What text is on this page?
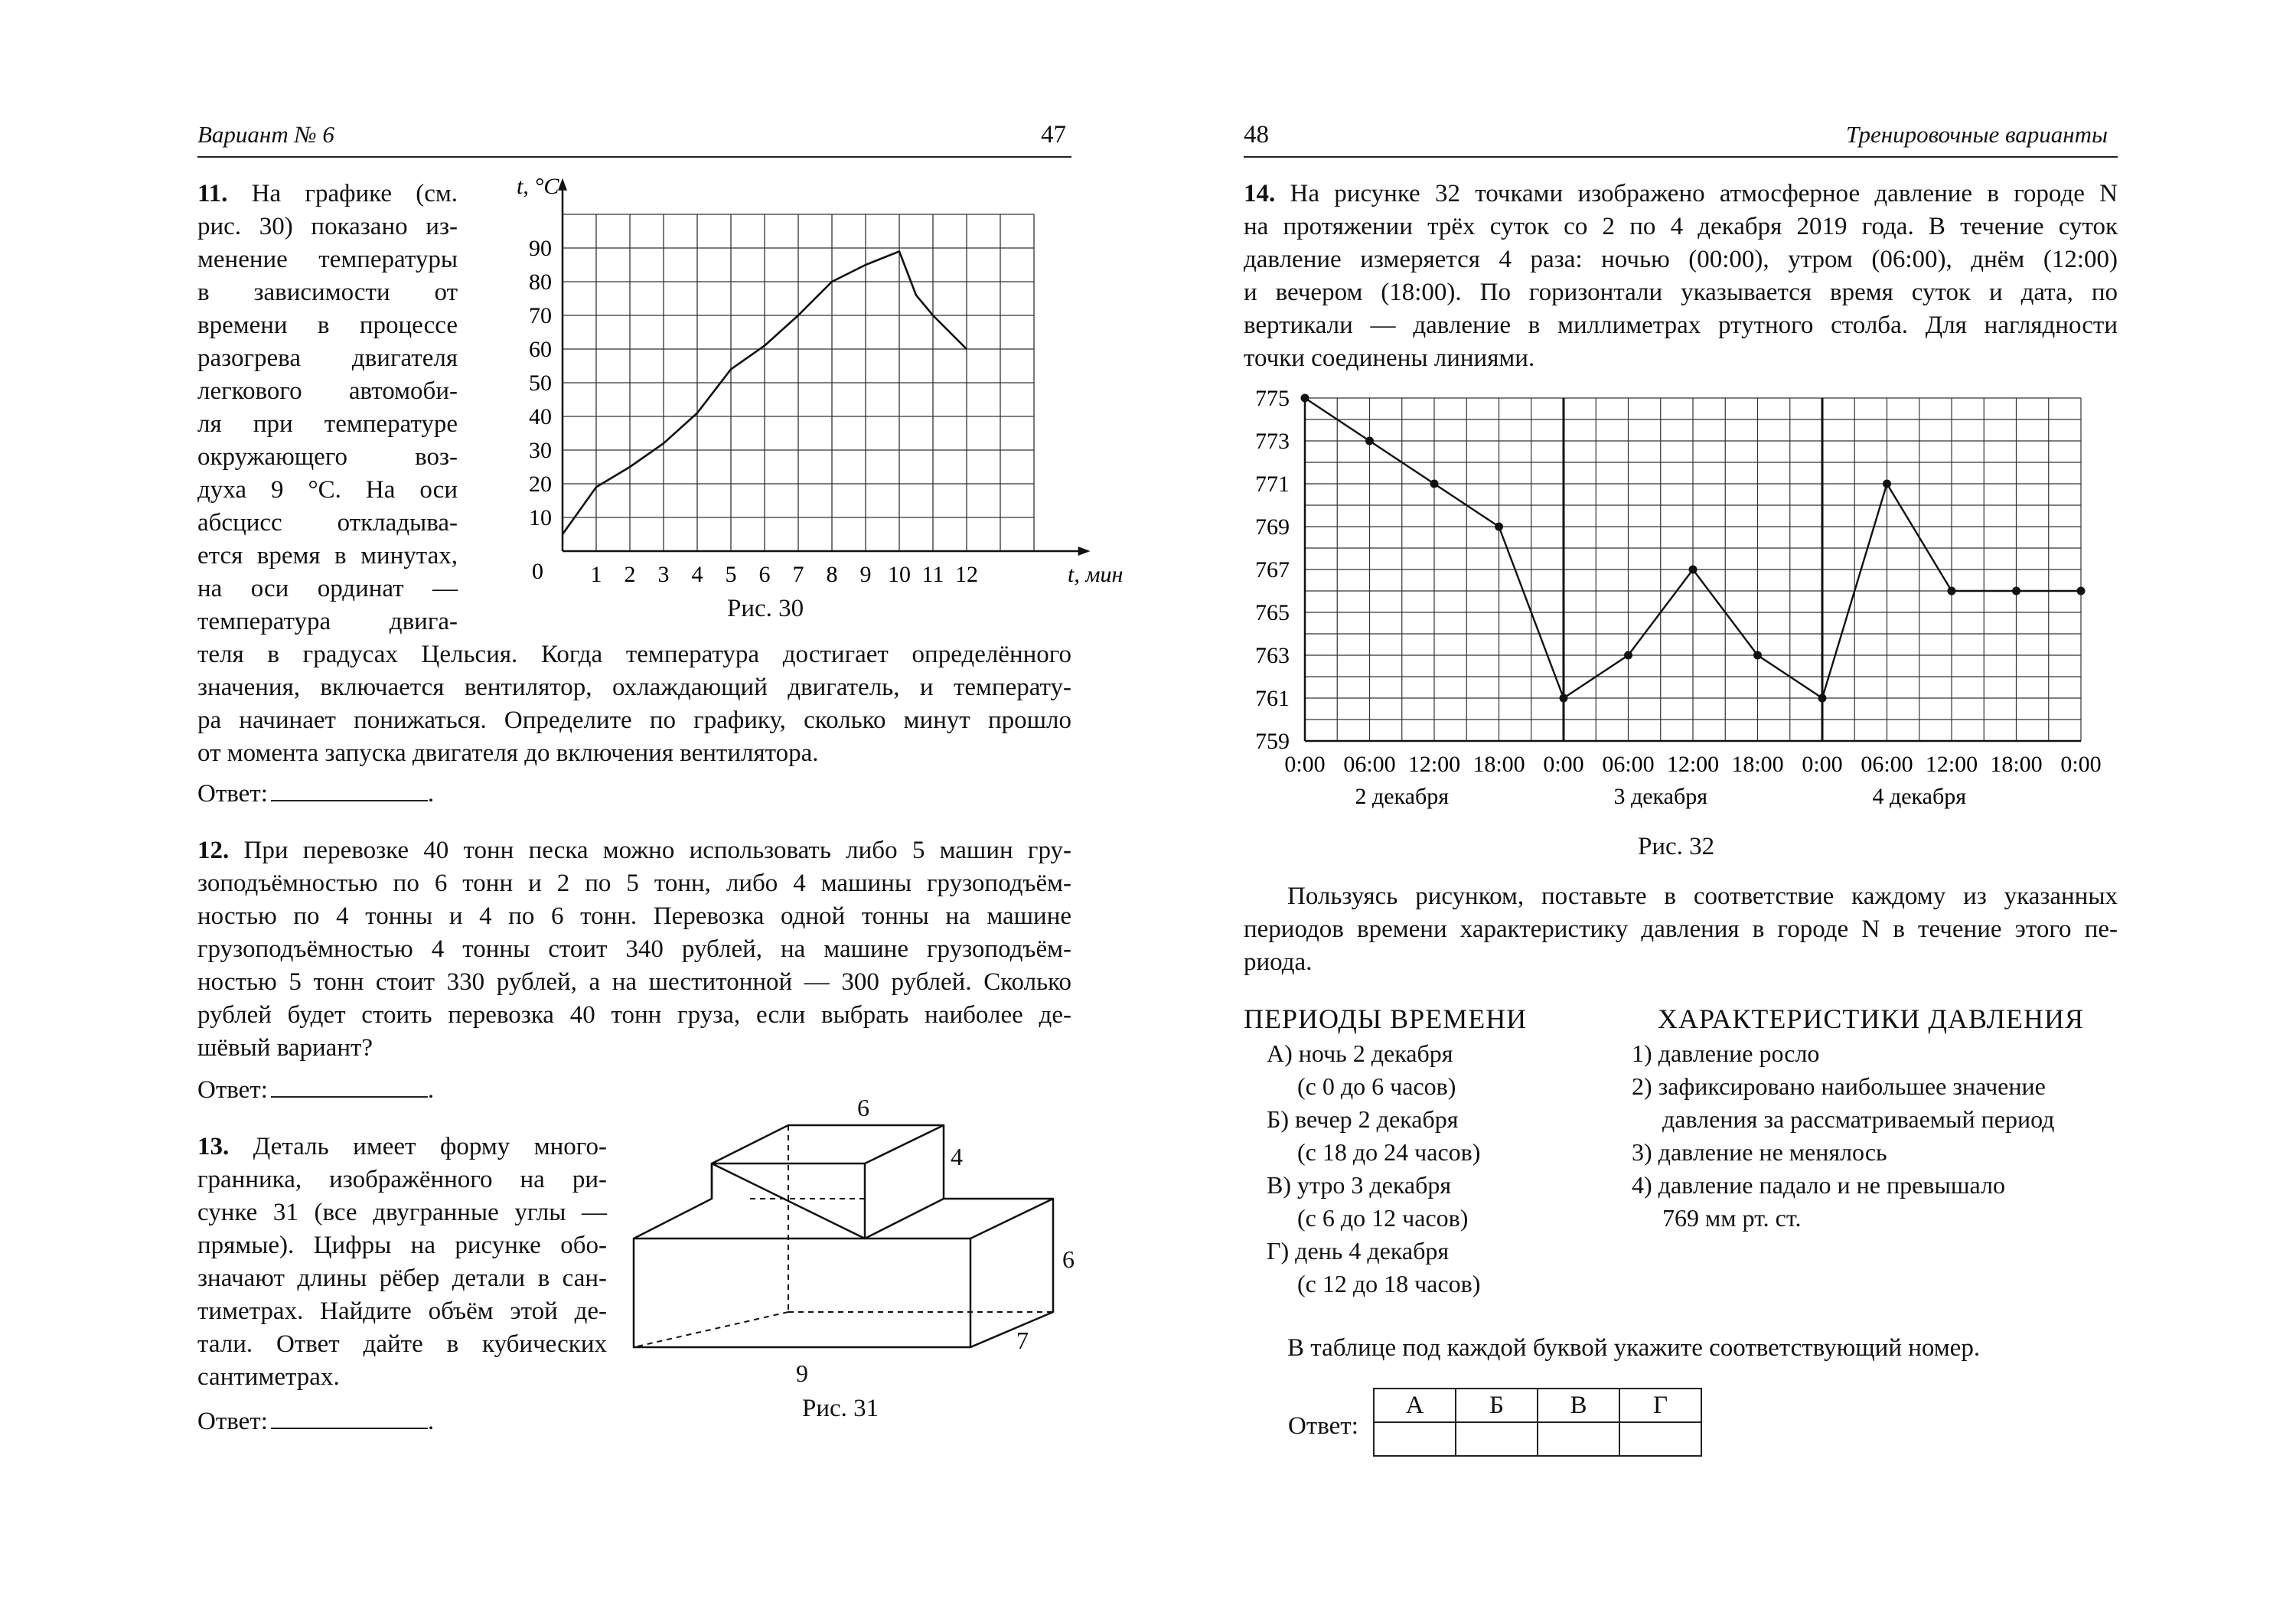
Вариант № 6	47
11. На графике (см.
рис. 30) показано из-
менение температуры
в зависимости от
времени в процессе
разогрева двигателя
легкового автомоби-
ля при температуре
окружающего воз-
духа 9 °С. На оси
абсцисс откладыва-
ется время в минутах,
на оси ординат —
температура двига-
1 2 3 4 5 6 7 8 9 10 11 12
10
20
30
40
50
60
70
80
90
0	t, мин
t, °С
Рис. 30
теля в градусах Цельсия. Когда температура достигает определённого
значения, включается вентилятор, охлаждающий двигатель, и температу-
ра начинает понижаться. Определите по графику, сколько минут прошло
от момента запуска двигателя до включения вентилятора.
Ответ:	.
12. При перевозке 40 тонн песка можно использовать либо 5 машин гру-
зоподъёмностью по 6 тонн и 2 по 5 тонн, либо 4 машины грузоподъём-
ностью по 4 тонны и 4 по 6 тонн. Перевозка одной тонны на машине
грузоподъёмностью 4 тонны стоит 340 рублей, на машине грузоподъём-
ностью 5 тонн стоит 330 рублей, а на шеститонной — 300 рублей. Сколько
рублей будет стоить перевозка 40 тонн груза, если выбрать наиболее де-
шёвый вариант?
Ответ:	.
13. Деталь имеет форму много-
гранника, изображённого на ри-
сунке 31 (все двугранные углы —
прямые). Цифры на рисунке обо-
значают длины рёбер детали в сан-
тиметрах. Найдите объём этой де-
тали. Ответ дайте в кубических
сантиметрах.
Ответ:	.
6
4
6
7
9
Рис. 31
48	Тренировочные варианты
14. На рисунке 32 точками изображено атмосферное давление в городе N
на протяжении трёх суток со 2 по 4 декабря 2019 года. В течение суток
давление измеряется 4 раза: ночью (00:00), утром (06:00), днём (12:00)
и вечером (18:00). По горизонтали указывается время суток и дата, по
вертикали — давление в миллиметрах ртутного столба. Для наглядности
точки соединены линиями.
759
761
763
765
767
769
771
773
775
0:00 06:00 12:00 18:00 0:00 06:00 12:00 18:00 0:00 06:00 12:00 18:00 0:00
2 декабря	3 декабря	4 декабря
Рис. 32
Пользуясь рисунком, поставьте в соответствие каждому из указанных периодов времени характеристику давления в городе N в течение этого пе- риода.
ПЕРИОДЫ ВРЕМЕНИ	ХАРАКТЕРИСТИКИ ДАВЛЕНИЯ
А) ночь 2 декабря
(с 0 до 6 часов)
Б) вечер 2 декабря
(с 18 до 24 часов)
В) утро 3 декабря
(с 6 до 12 часов)
Г) день 4 декабря
(с 12 до 18 часов)
1) давление росло
2) зафиксировано наибольшее значение
давления за рассматриваемый период
3) давление не менялось
4) давление падало и не превышало
769 мм рт. ст.
В таблице под каждой буквой укажите соответствующий номер.
Ответ:
А	Б	В	Г
